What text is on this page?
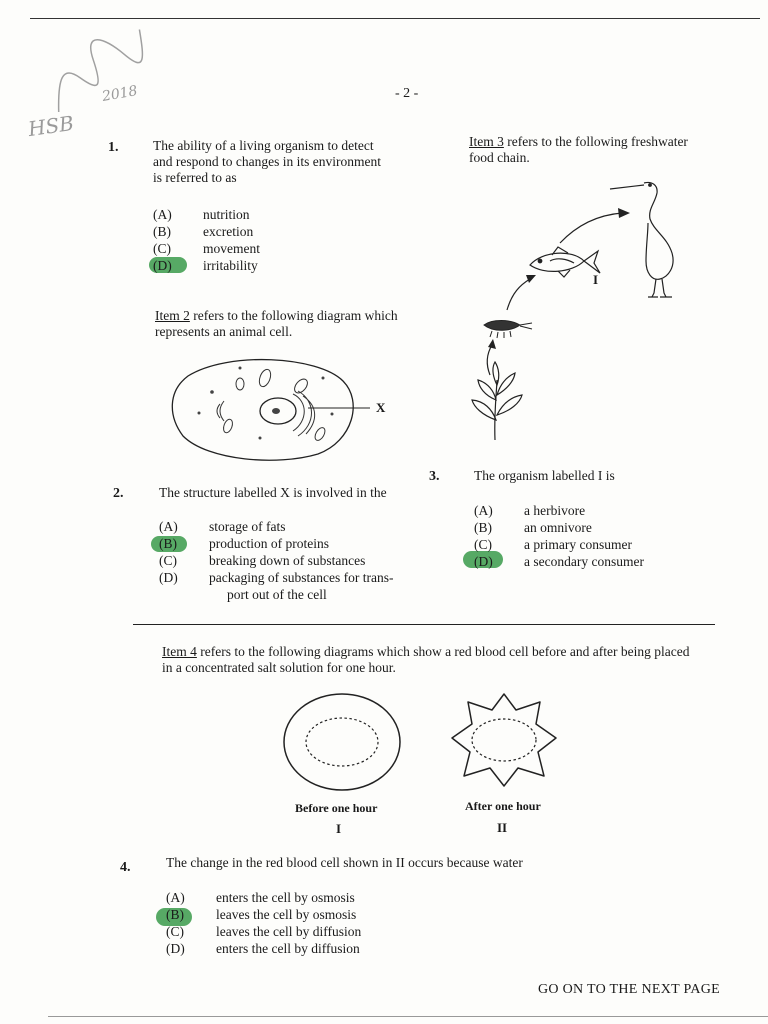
2018
HSB
- 2 -
1.	The ability of a living organism to detect
and respond to changes in its environment
is referred to as
(A) nutrition
(B) excretion
(C) movement
(D) irritability
Item 2 refers to the following diagram which
represents an animal cell.
X
2.	The structure labelled X is involved in the
(A) storage of fats
(B) production of proteins
(C) breaking down of substances
(D) packaging of substances for trans-
port out of the cell
Item 3 refers to the following freshwater
food chain.
I
3.	The organism labelled I is
(A) a herbivore
(B) an omnivore
(C) a primary consumer
(D) a secondary consumer
Item 4 refers to the following diagrams which show a red blood cell before and after being placed
in a concentrated salt solution for one hour.
Before one hour
I
After one hour
II
4.	The change in the red blood cell shown in II occurs because water
(A) enters the cell by osmosis
(B) leaves the cell by osmosis
(C) leaves the cell by diffusion
(D) enters the cell by diffusion
GO ON TO THE NEXT PAGE
